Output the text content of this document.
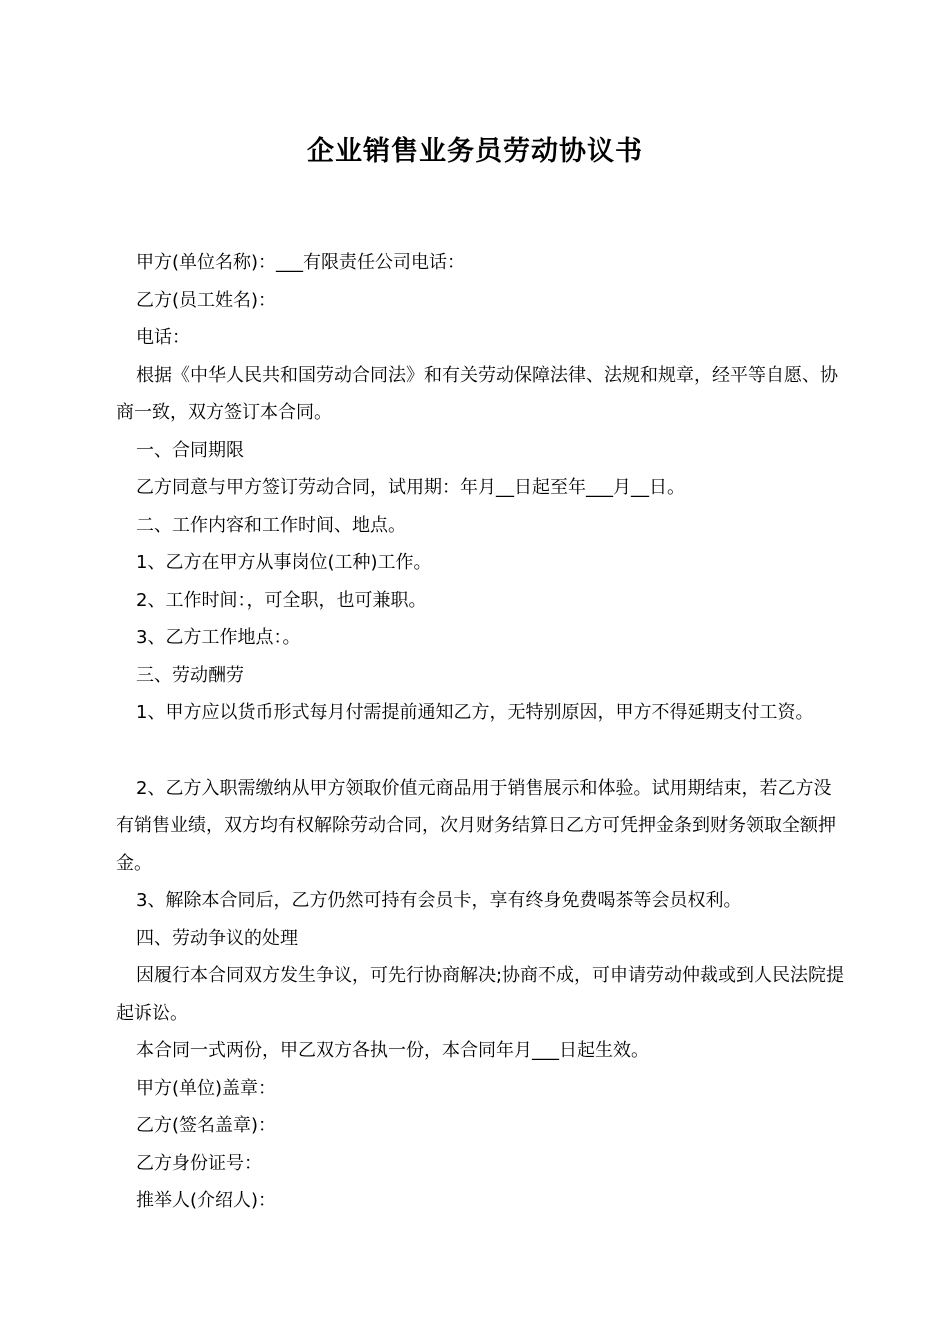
企业销售业务员劳动协议书

甲方(单位名称)：___有限责任公司电话：

乙方(员工姓名)：

电话：

根据《中华人民共和国劳动合同法》和有关劳动保障法律、法规和规章，经平等自愿、协商一致，双方签订本合同。

一、合同期限

乙方同意与甲方签订劳动合同，试用期：年月__日起至年___月__日。

二、工作内容和工作时间、地点。

1、乙方在甲方从事岗位(工种)工作。

2、工作时间：，可全职，也可兼职。

3、乙方工作地点：。

三、劳动酬劳

1、甲方应以货币形式每月付需提前通知乙方，无特别原因，甲方不得延期支付工资。

2、乙方入职需缴纳从甲方领取价值元商品用于销售展示和体验。试用期结束，若乙方没有销售业绩，双方均有权解除劳动合同，次月财务结算日乙方可凭押金条到财务领取全额押金。

3、解除本合同后，乙方仍然可持有会员卡，享有终身免费喝茶等会员权利。

四、劳动争议的处理

因履行本合同双方发生争议，可先行协商解决;协商不成，可申请劳动仲裁或到人民法院提起诉讼。

本合同一式两份，甲乙双方各执一份，本合同年月___日起生效。

甲方(单位)盖章：

乙方(签名盖章)：

乙方身份证号：

推举人(介绍人)：
